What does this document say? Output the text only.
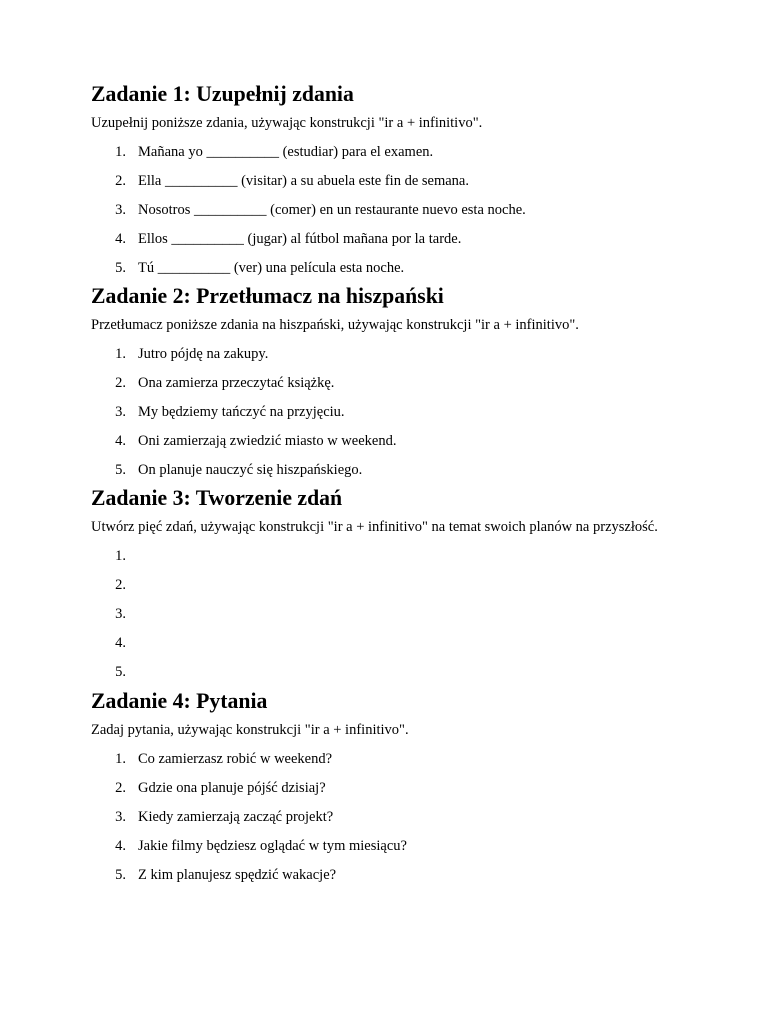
Zadanie 1: Uzupełnij zdania

Uzupełnij poniższe zdania, używając konstrukcji "ir a + infinitivo".

1. Mañana yo __________ (estudiar) para el examen.
2. Ella __________ (visitar) a su abuela este fin de semana.
3. Nosotros __________ (comer) en un restaurante nuevo esta noche.
4. Ellos __________ (jugar) al fútbol mañana por la tarde.
5. Tú __________ (ver) una película esta noche.
Zadanie 2: Przetłumacz na hiszpański

Przetłumacz poniższe zdania na hiszpański, używając konstrukcji "ir a + infinitivo".

1. Jutro pójdę na zakupy.
2. Ona zamierza przeczytać książkę.
3. My będziemy tańczyć na przyjęciu.
4. Oni zamierzają zwiedzić miasto w weekend.
5. On planuje nauczyć się hiszpańskiego.
Zadanie 3: Tworzenie zdań

Utwórz pięć zdań, używając konstrukcji "ir a + infinitivo" na temat swoich planów na przyszłość.

1.
2.
3.
4.
5.
Zadanie 4: Pytania

Zadaj pytania, używając konstrukcji "ir a + infinitivo".

1. Co zamierzasz robić w weekend?
2. Gdzie ona planuje pójść dzisiaj?
3. Kiedy zamierzają zacząć projekt?
4. Jakie filmy będziesz oglądać w tym miesiącu?
5. Z kim planujesz spędzić wakacje?
